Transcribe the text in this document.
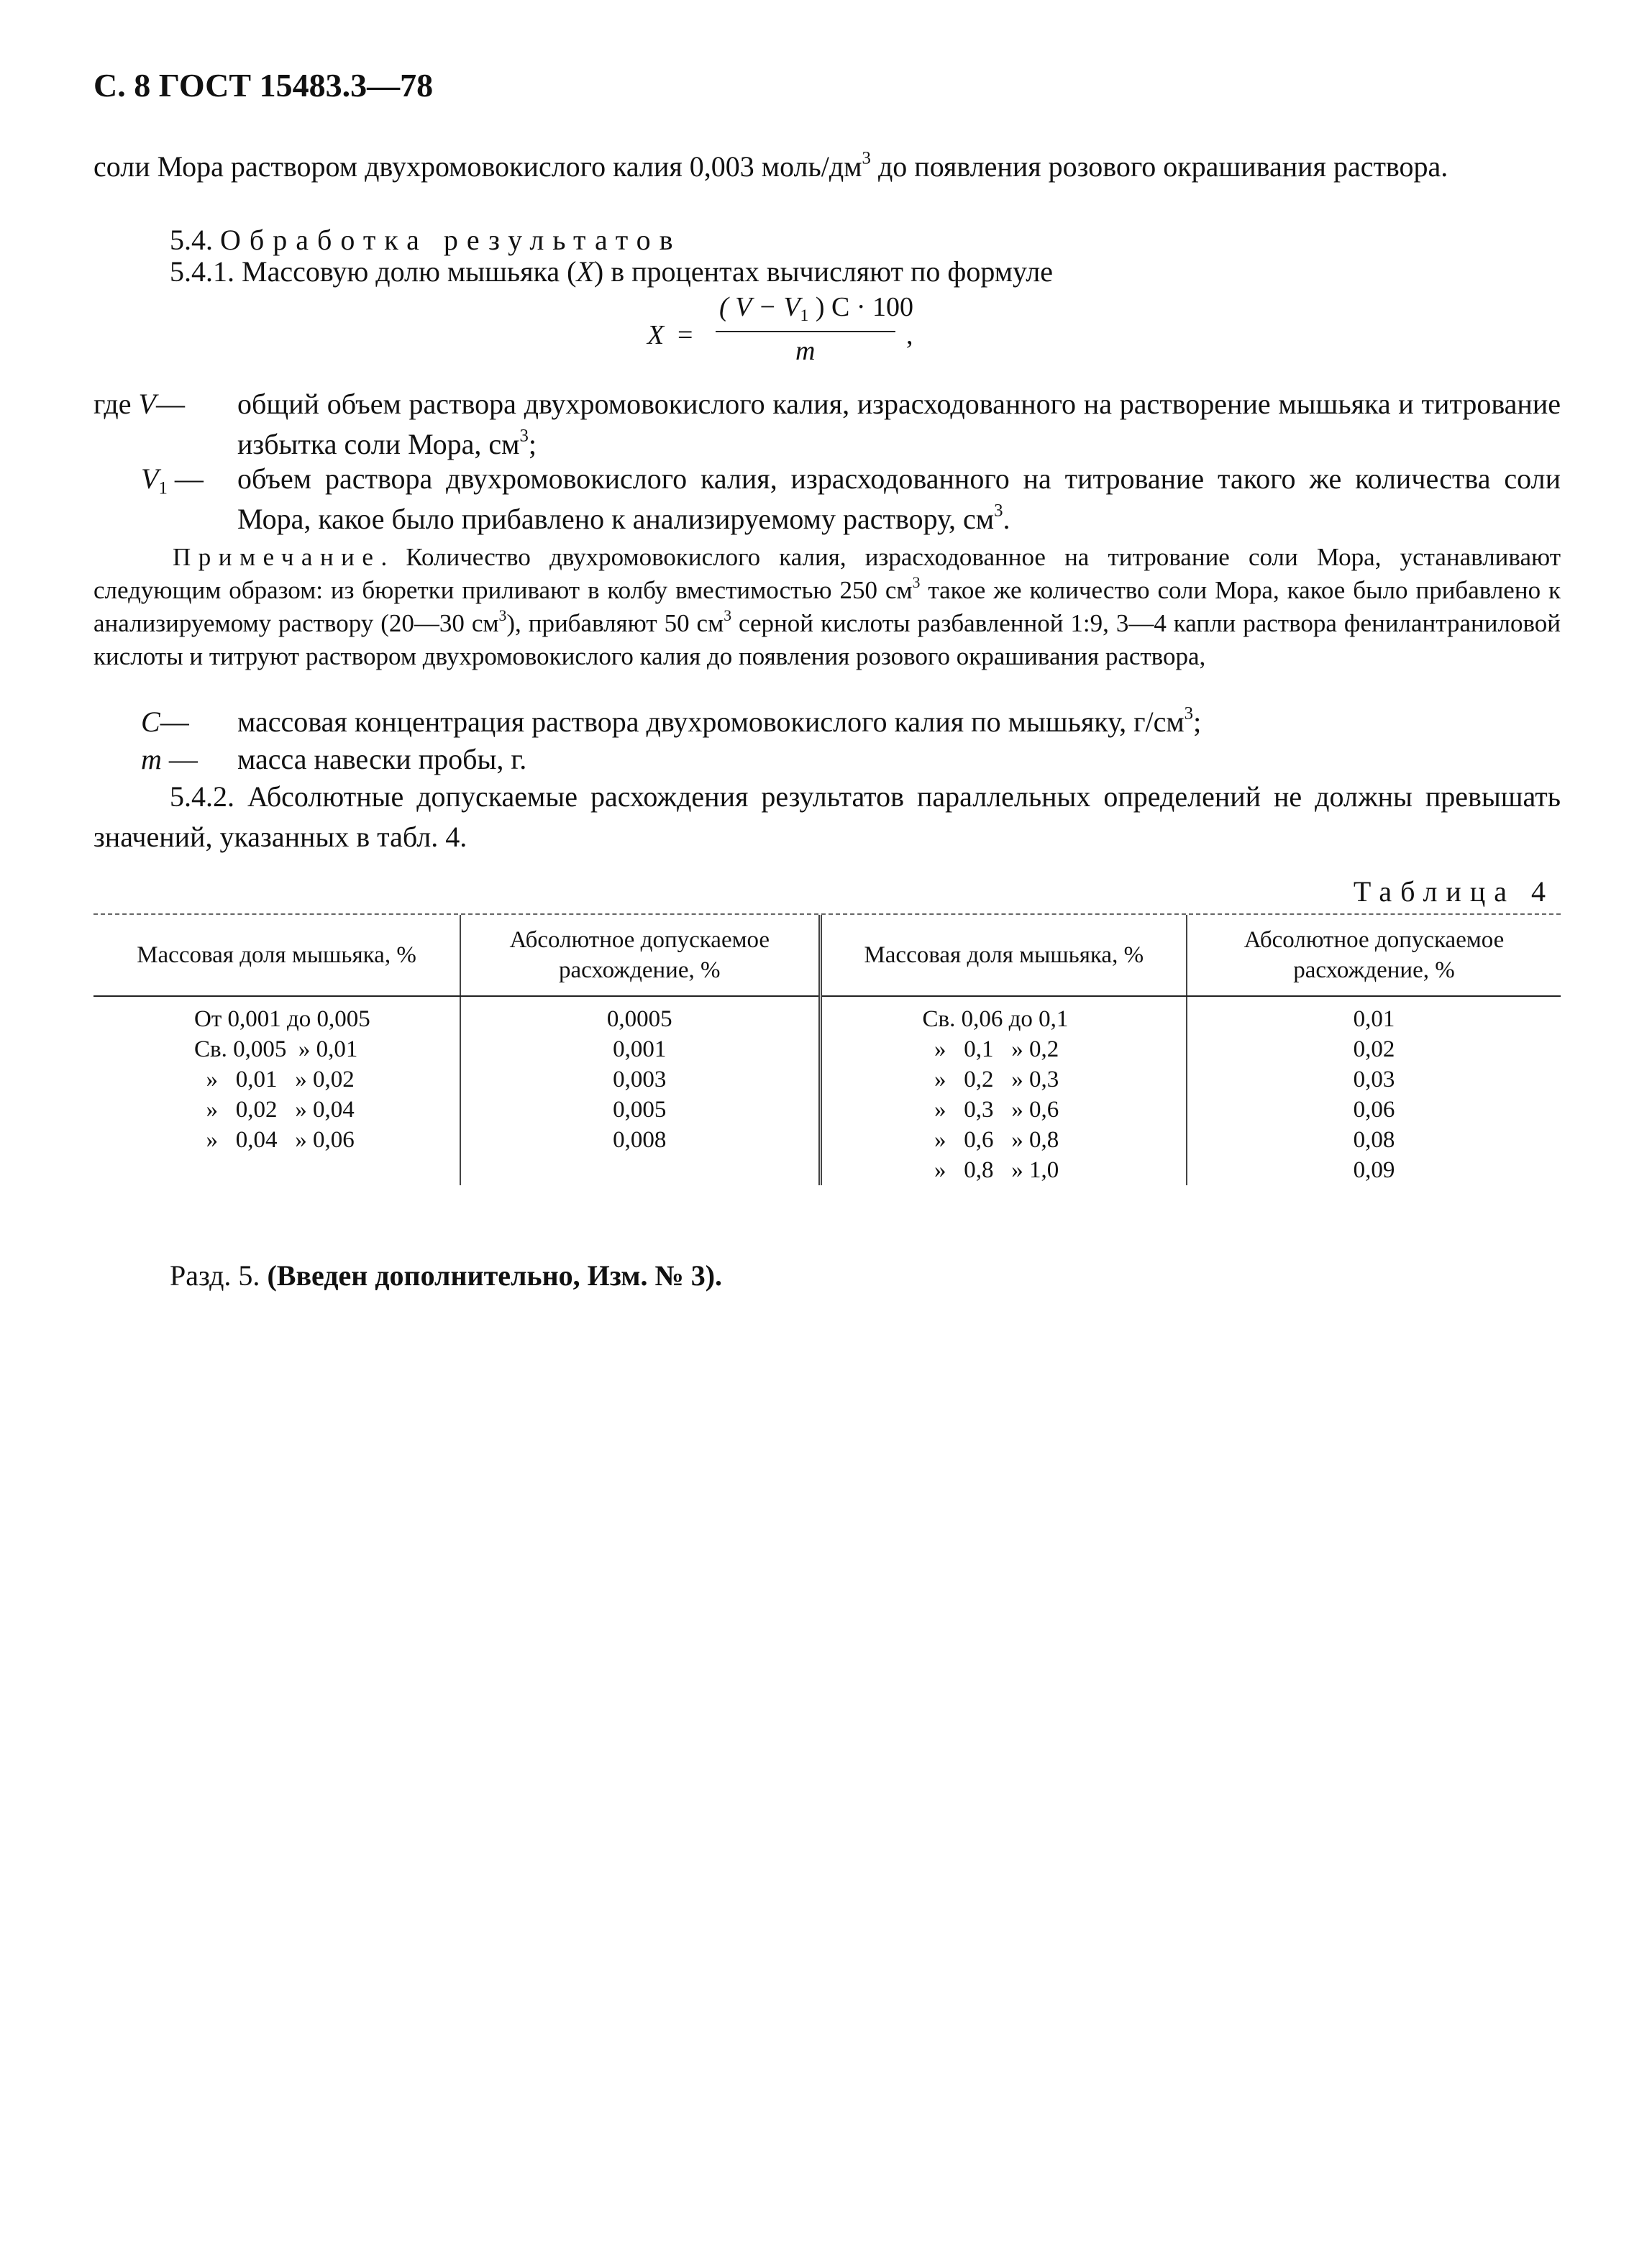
С. 8 ГОСТ 15483.3—78
соли Мора раствором двухромовокислого калия 0,003 моль/$дм^3$ до появления розового окрашивания раствора.
5.4. Обработка результатов
5.4.1. Массовую долю мышьяка (X) в процентах вычисляют по формуле
X =
( $V - V_1$ ) C · 100
m
,
где V— общий объем раствора двухромовокислого калия, израсходованного на растворение мышьяка и титрование избытка соли Мора, $см^3$;
$V_1$ — объем раствора двухромовокислого калия, израсходованного на титрование такого же количества соли Мора, какое было прибавлено к анализируемому раствору, $см^3$.
Примечание. Количество двухромовокислого калия, израсходованное на титрование соли Мора, устанавливают следующим образом: из бюретки приливают в колбу вместимостью 250 $см^3$ такое же количество соли Мора, какое было прибавлено к анализируемому раствору (20—30 $см^3$), прибавляют 50 $см^3$ серной кислоты разбавленной 1:9, 3—4 капли раствора фенилантраниловой кислоты и титруют раствором двухромовокислого калия до появления розового окрашивания раствора,
C— массовая концентрация раствора двухромовокислого калия по мышьяку, $г/см^3$;
m — масса навески пробы, г.
5.4.2. Абсолютные допускаемые расхождения результатов параллельных определений не должны превышать значений, указанных в табл. 4.
Таблица 4
Массовая доля мышьяка, %	Абсолютное допускаемое расхождение, %	Массовая доля мышьяка, %	Абсолютное допускаемое расхождение, %
От 0,001 до 0,005	0,0005	Св. 0,06 до 0,1	0,01
Св. 0,005  » 0,01	0,001	»   0,1   » 0,2	0,02
»   0,01   » 0,02	0,003	»   0,2   » 0,3	0,03
»   0,02   » 0,04	0,005	»   0,3   » 0,6	0,06
»   0,04   » 0,06	0,008	»   0,6   » 0,8	0,08
		»   0,8   » 1,0	0,09
Разд. 5. (Введен дополнительно, Изм. № 3).
